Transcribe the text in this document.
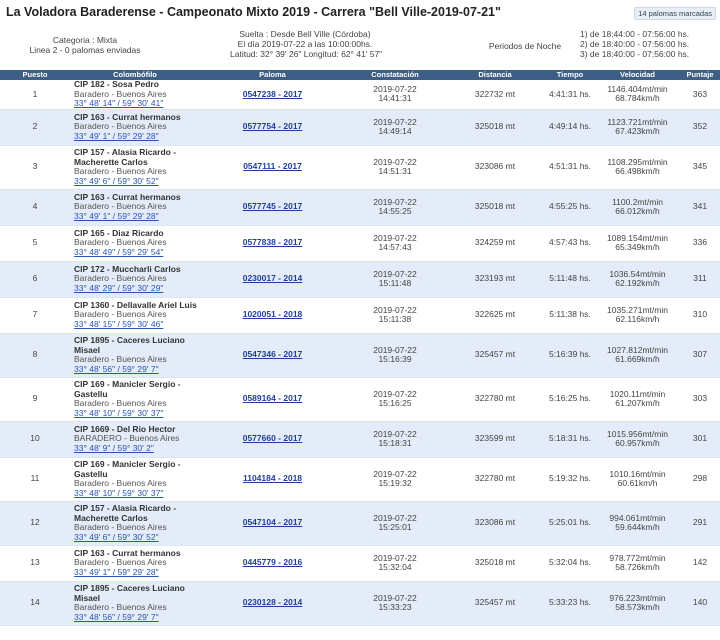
La Voladora Baraderense - Campeonato Mixto 2019 - Carrera "Bell Ville-2019-07-21"	14 palomas marcadas
Categoria : Mixta
Linea 2 - 0 palomas enviadas
Suelta : Desde Bell Ville (Córdoba)
El día 2019-07-22 a las 10:00:00hs.
Latitud: 32° 39' 26" Longitud: 62° 41' 57"
Periodos de Noche
1) de 18:44:00 - 07:56:00 hs.
2) de 18:40:00 - 07:56:00 hs.
3) de 18:40:00 - 07:56:00 hs.
Puesto	Colombófilo	Paloma	Constatación	Distancia	Tiempo	Velocidad	Puntaje
1	CIP 182 - Sosa Pedro
Baradero - Buenos Aires
33° 48' 14" / 59° 30' 41"	0547238 - 2017	2019-07-22
14:41:31	322732 mt	4:41:31 hs.	1146.404mt/min
68.784km/h	363
2	CIP 163 - Currat hermanos
Baradero - Buenos Aires
33° 49' 1" / 59° 29' 28"	0577754 - 2017	2019-07-22
14:49:14	325018 mt	4:49:14 hs.	1123.721mt/min
67.423km/h	352
3	CIP 157 - Alasia Ricardo - Macherette Carlos
Baradero - Buenos Aires
33° 49' 6" / 59° 30' 52"	0547111 - 2017	2019-07-22
14:51:31	323086 mt	4:51:31 hs.	1108.295mt/min
66.498km/h	345
4	CIP 163 - Currat hermanos
Baradero - Buenos Aires
33° 49' 1" / 59° 29' 28"	0577745 - 2017	2019-07-22
14:55:25	325018 mt	4:55:25 hs.	1100.2mt/min
66.012km/h	341
5	CIP 165 - Diaz Ricardo
Baradero - Buenos Aires
33° 48' 49" / 59° 29' 54"	0577838 - 2017	2019-07-22
14:57:43	324259 mt	4:57:43 hs.	1089.154mt/min
65.349km/h	336
6	CIP 172 - Muccharli Carlos
Baradero - Buenos Aires
33° 48' 29" / 59° 30' 29"	0230017 - 2014	2019-07-22
15:11:48	323193 mt	5:11:48 hs.	1036.54mt/min
62.192km/h	311
7	CIP 1360 - Dellavalle Ariel Luis
Baradero - Buenos Aires
33° 48' 15" / 59° 30' 46"	1020051 - 2018	2019-07-22
15:11:38	322625 mt	5:11:38 hs.	1035.271mt/min
62.116km/h	310
8	CIP 1895 - Caceres Luciano Misael
Baradero - Buenos Aires
33° 48' 56" / 59° 29' 7"	0547346 - 2017	2019-07-22
15:16:39	325457 mt	5:16:39 hs.	1027.812mt/min
61.669km/h	307
9	CIP 169 - Manicler Sergio - Gastellu
Baradero - Buenos Aires
33° 48' 10" / 59° 30' 37"	0589164 - 2017	2019-07-22
15:16:25	322780 mt	5:16:25 hs.	1020.11mt/min
61.207km/h	303
10	CIP 1669 - Del Rio Hector
BARADERO - Buenos Aires
33° 48' 9" / 59° 30' 2"	0577660 - 2017	2019-07-22
15:18:31	323599 mt	5:18:31 hs.	1015.956mt/min
60.957km/h	301
11	CIP 169 - Manicler Sergio - Gastellu
Baradero - Buenos Aires
33° 48' 10" / 59° 30' 37"	1104184 - 2018	2019-07-22
15:19:32	322780 mt	5:19:32 hs.	1010.16mt/min
60.61km/h	298
12	CIP 157 - Alasia Ricardo - Macherette Carlos
Baradero - Buenos Aires
33° 49' 6" / 59° 30' 52"	0547104 - 2017	2019-07-22
15:25:01	323086 mt	5:25:01 hs.	994.061mt/min
59.644km/h	291
13	CIP 163 - Currat hermanos
Baradero - Buenos Aires
33° 49' 1" / 59° 29' 28"	0445779 - 2016	2019-07-22
15:32:04	325018 mt	5:32:04 hs.	978.772mt/min
58.726km/h	142
14	CIP 1895 - Caceres Luciano Misael
Baradero - Buenos Aires
33° 48' 56" / 59° 29' 7"	0230128 - 2014	2019-07-22
15:33:23	325457 mt	5:33:23 hs.	976.223mt/min
58.573km/h	140
